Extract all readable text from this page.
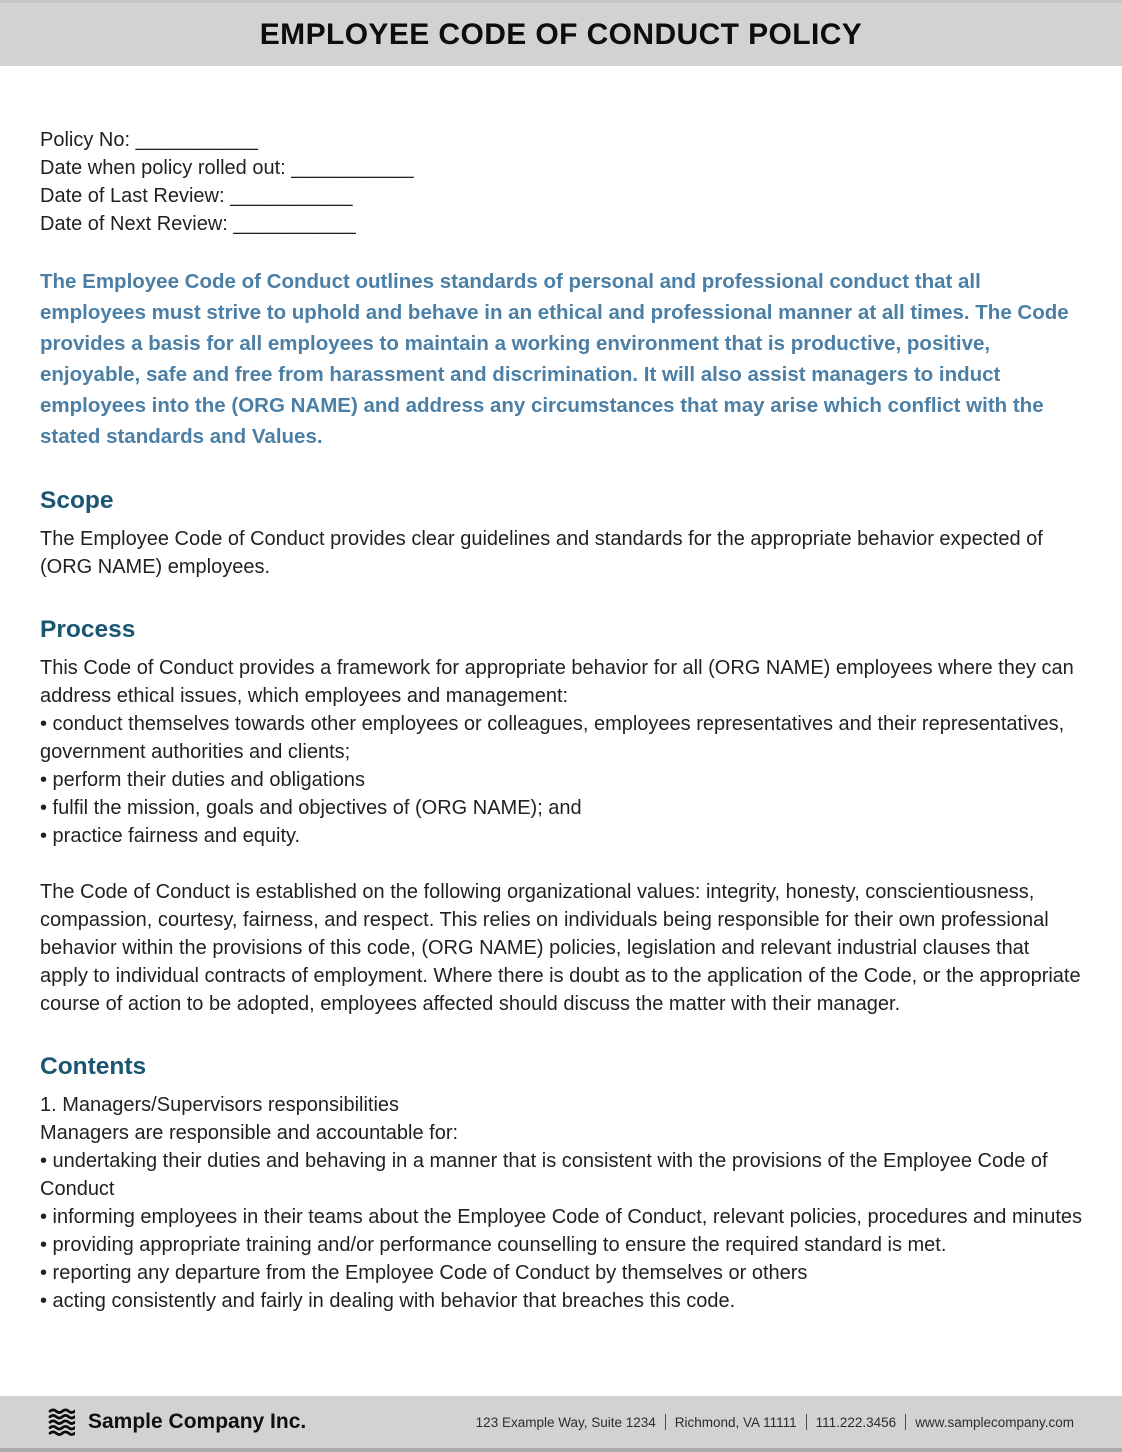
EMPLOYEE CODE OF CONDUCT POLICY
Policy No: ___________
Date when policy rolled out: ___________
Date of Last Review: ___________
Date of Next Review: ___________
The Employee Code of Conduct outlines standards of personal and professional conduct that all employees must strive to uphold and behave in an ethical and professional manner at all times. The Code provides a basis for all employees to maintain a working environment that is productive, positive, enjoyable, safe and free from harassment and discrimination. It will also assist managers to induct employees into the (ORG NAME) and address any circumstances that may arise which conflict with the stated standards and Values.
Scope
The Employee Code of Conduct provides clear guidelines and standards for the appropriate behavior expected of (ORG NAME) employees.
Process
This Code of Conduct provides a framework for appropriate behavior for all (ORG NAME) employees where they can address ethical issues, which employees and management:
• conduct themselves towards other employees or colleagues, employees representatives and their representatives, government authorities and clients;
• perform their duties and obligations
• fulfil the mission, goals and objectives of (ORG NAME); and
• practice fairness and equity.
The Code of Conduct is established on the following organizational values: integrity, honesty, conscientiousness, compassion, courtesy, fairness, and respect. This relies on individuals being responsible for their own professional
behavior within the provisions of this code, (ORG NAME) policies, legislation and relevant industrial clauses that apply to individual contracts of employment. Where there is doubt as to the application of the Code, or the appropriate course of action to be adopted, employees affected should discuss the matter with their manager.
Contents
1. Managers/Supervisors responsibilities
Managers are responsible and accountable for:
• undertaking their duties and behaving in a manner that is consistent with the provisions of the Employee Code of Conduct
• informing employees in their teams about the Employee Code of Conduct, relevant policies, procedures and minutes
• providing appropriate training and/or performance counselling to ensure the required standard is met.
• reporting any departure from the Employee Code of Conduct by themselves or others
• acting consistently and fairly in dealing with behavior that breaches this code.
Sample Company Inc.	123 Example Way, Suite 1234 Richmond, VA 11111 111.222.3456 www.samplecompany.com
